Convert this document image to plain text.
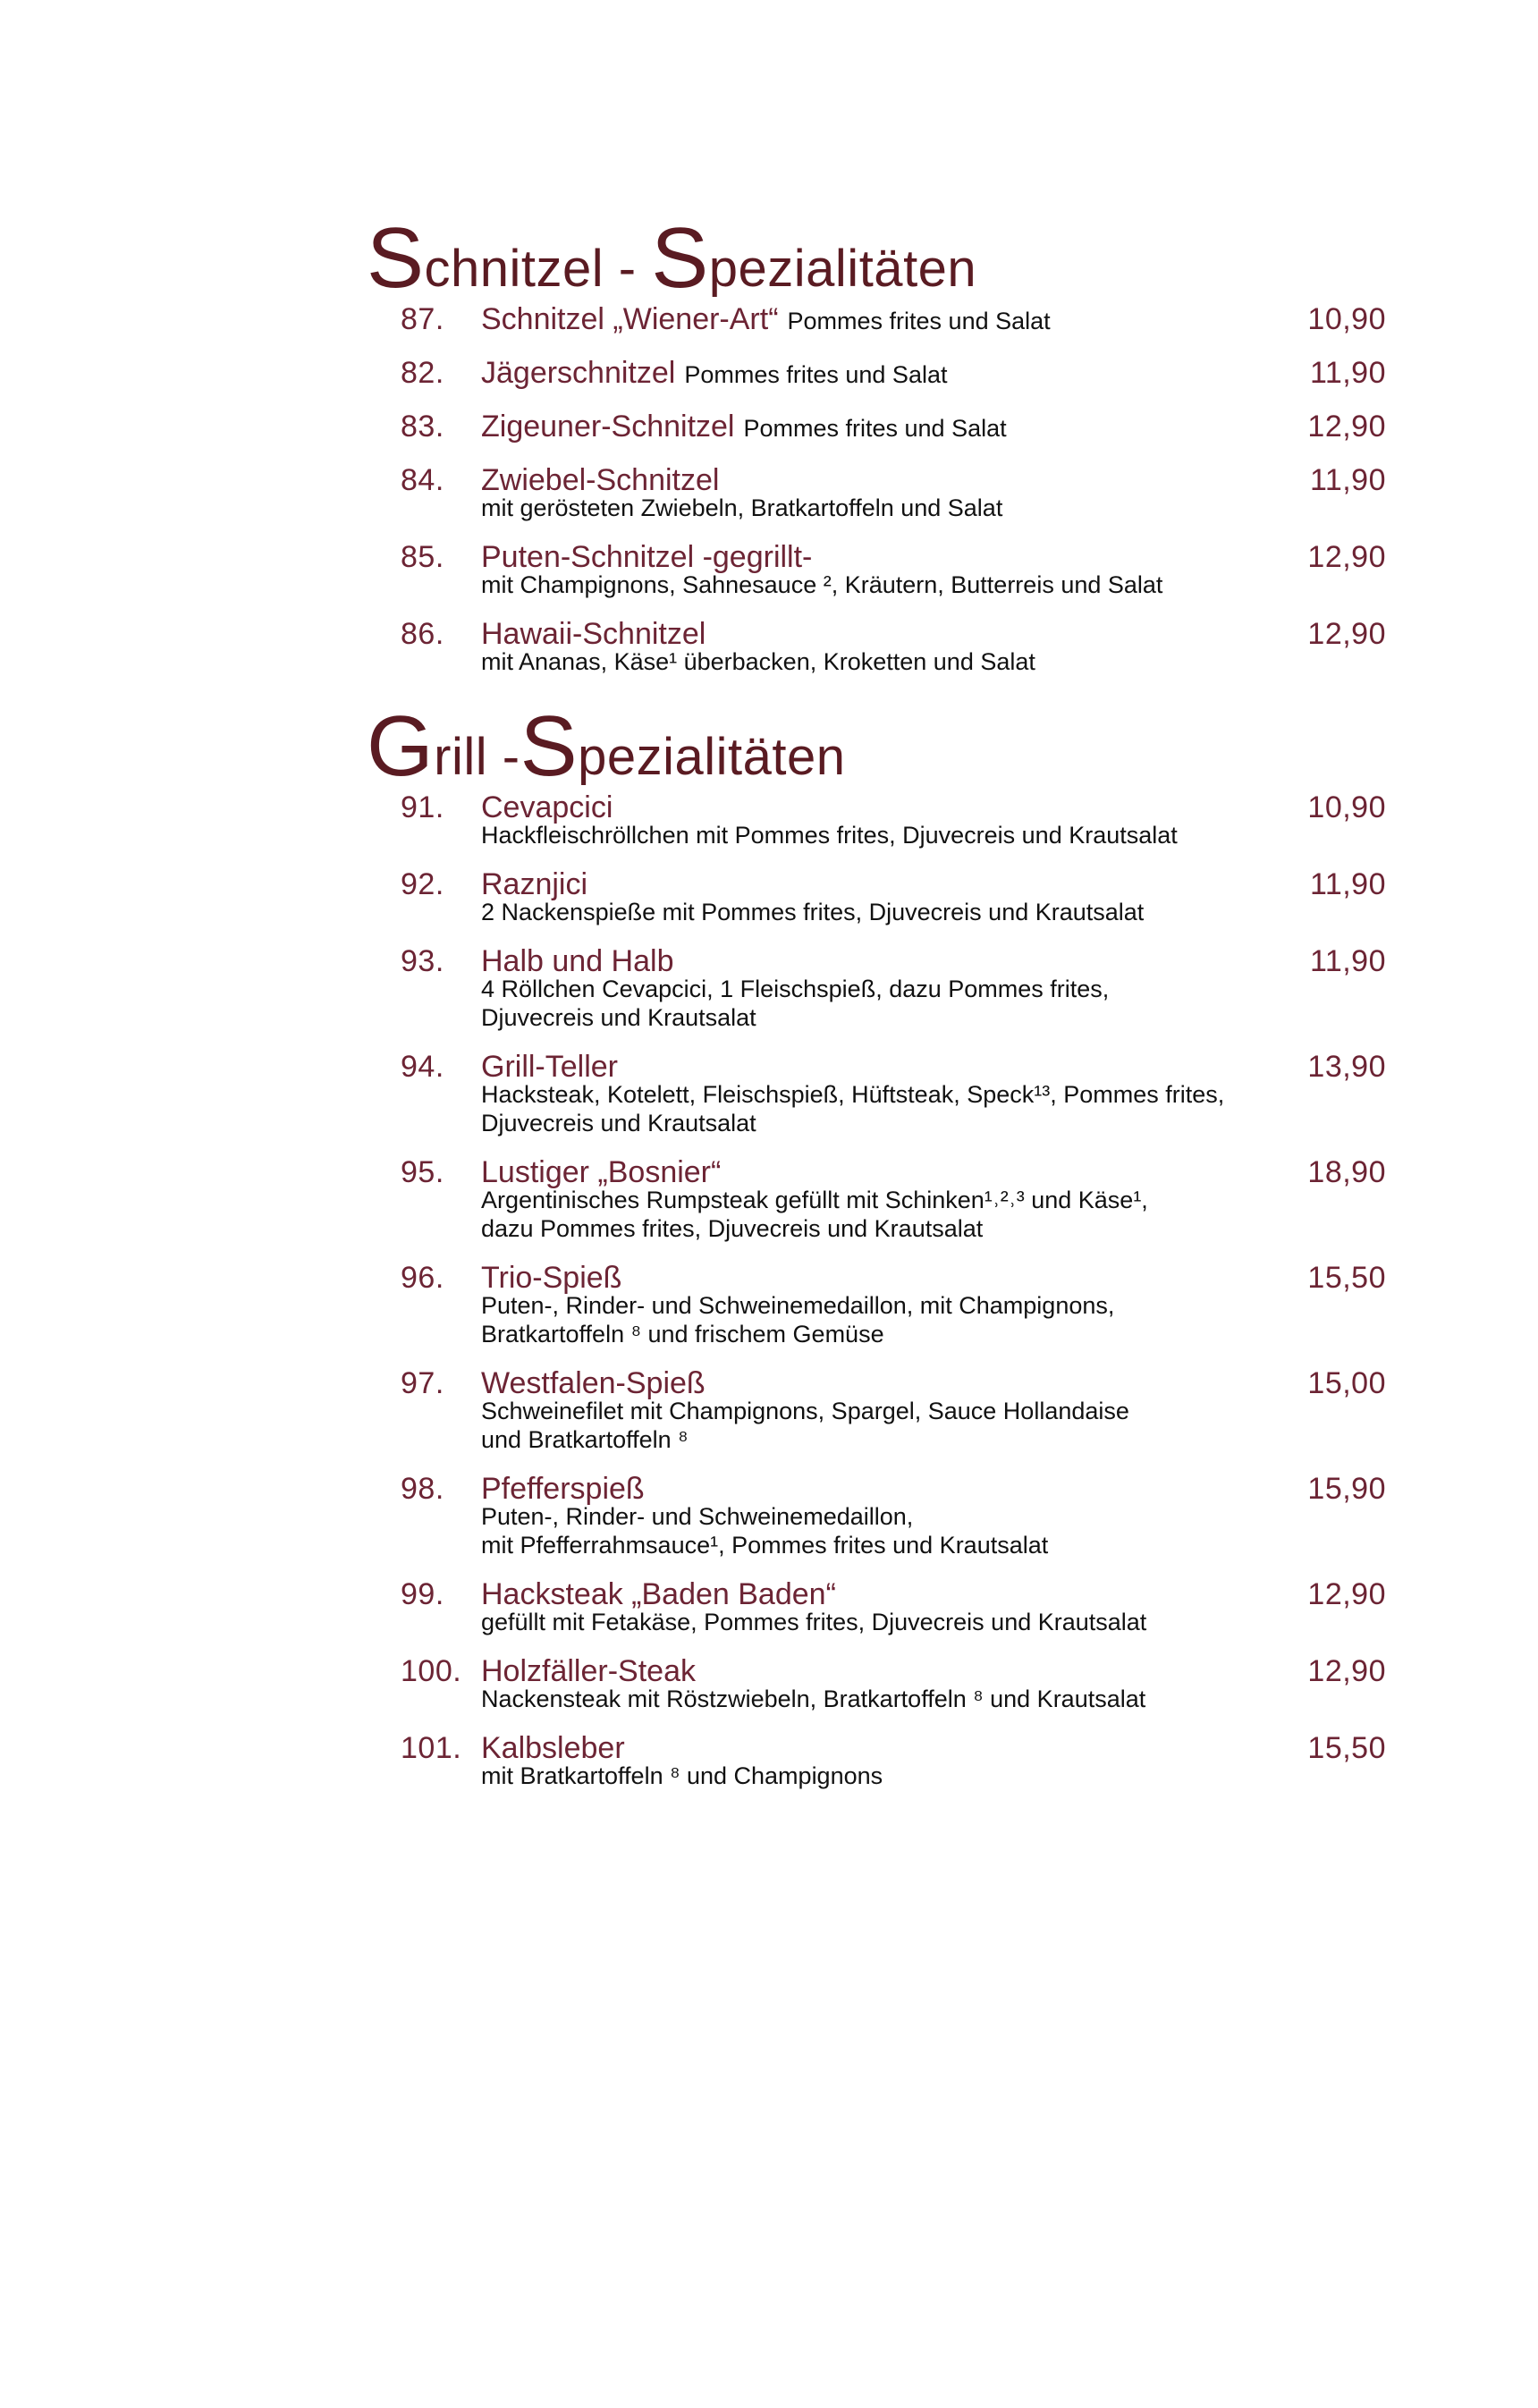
S chnitzel - S pezialitäten
87.	Schnitzel „Wiener-Art“ Pommes frites und Salat	10,90
82.	Jägerschnitzel Pommes frites und Salat	11,90
83.	Zigeuner-Schnitzel Pommes frites und Salat	12,90
84.	Zwiebel-Schnitzel	11,90
mit gerösteten Zwiebeln, Bratkartoffeln und Salat
85.	Puten-Schnitzel -gegrillt-	12,90
mit Champignons, Sahnesauce ², Kräutern, Butterreis und Salat
86.	Hawaii-Schnitzel	12,90
mit Ananas, Käse¹ überbacken, Kroketten und Salat
G rill - S pezialitäten
91.	Cevapcici	10,90
Hackfleischröllchen mit Pommes frites, Djuvecreis und Krautsalat
92.	Raznjici	11,90
2 Nackenspieße mit Pommes frites, Djuvecreis und Krautsalat
93.	Halb und Halb	11,90
4 Röllchen Cevapcici, 1 Fleischspieß, dazu Pommes frites,
Djuvecreis und Krautsalat
94.	Grill-Teller	13,90
Hacksteak, Kotelett, Fleischspieß, Hüftsteak, Speck¹³, Pommes frites,
Djuvecreis und Krautsalat
95.	Lustiger „Bosnier“	18,90
Argentinisches Rumpsteak gefüllt mit Schinken¹˒²˒³ und Käse¹,
dazu Pommes frites, Djuvecreis und Krautsalat
96.	Trio-Spieß	15,50
Puten-, Rinder- und Schweinemedaillon, mit Champignons,
Bratkartoffeln ⁸ und frischem Gemüse
97.	Westfalen-Spieß	15,00
Schweinefilet mit Champignons, Spargel, Sauce Hollandaise
und Bratkartoffeln ⁸
98.	Pfefferspieß	15,90
Puten-, Rinder- und Schweinemedaillon,
mit Pfefferrahmsauce¹, Pommes frites und Krautsalat
99.	Hacksteak „Baden Baden“	12,90
gefüllt mit Fetakäse, Pommes frites, Djuvecreis und Krautsalat
100. Holzfäller-Steak	12,90
Nackensteak mit Röstzwiebeln, Bratkartoffeln ⁸ und Krautsalat
101. Kalbsleber	15,50
mit Bratkartoffeln ⁸ und Champignons
